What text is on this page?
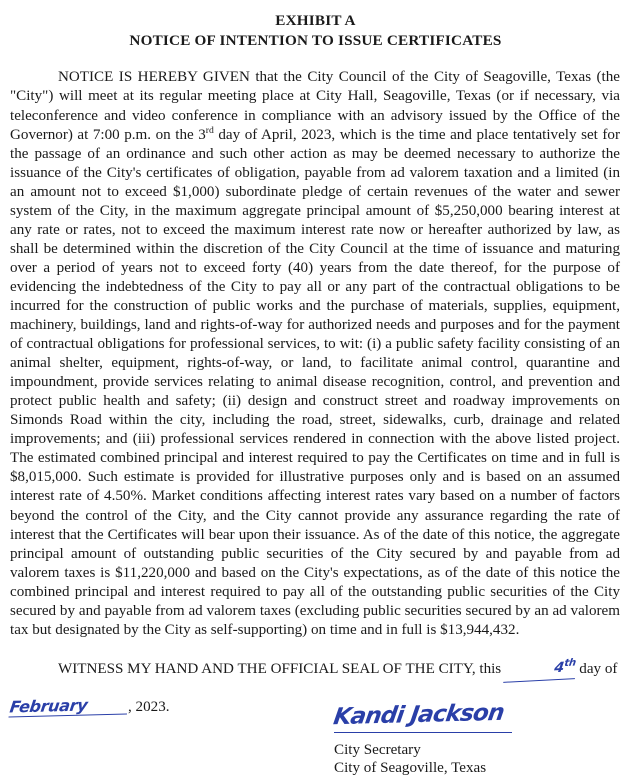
EXHIBIT A
NOTICE OF INTENTION TO ISSUE CERTIFICATES

NOTICE IS HEREBY GIVEN that the City Council of the City of Seagoville, Texas (the "City") will meet at its regular meeting place at City Hall, Seagoville, Texas (or if necessary, via teleconference and video conference in compliance with an advisory issued by the Office of the Governor) at 7:00 p.m. on the 3rd day of April, 2023, which is the time and place tentatively set for the passage of an ordinance and such other action as may be deemed necessary to authorize the issuance of the City's certificates of obligation, payable from ad valorem taxation and a limited (in an amount not to exceed $1,000) subordinate pledge of certain revenues of the water and sewer system of the City, in the maximum aggregate principal amount of $5,250,000 bearing interest at any rate or rates, not to exceed the maximum interest rate now or hereafter authorized by law, as shall be determined within the discretion of the City Council at the time of issuance and maturing over a period of years not to exceed forty (40) years from the date thereof, for the purpose of evidencing the indebtedness of the City to pay all or any part of the contractual obligations to be incurred for the construction of public works and the purchase of materials, supplies, equipment, machinery, buildings, land and rights-of-way for authorized needs and purposes and for the payment of contractual obligations for professional services, to wit: (i) a public safety facility consisting of an animal shelter, equipment, rights-of-way, or land, to facilitate animal control, quarantine and impoundment, provide services relating to animal disease recognition, control, and prevention and protect public health and safety; (ii) design and construct street and roadway improvements on Simonds Road within the city, including the road, street, sidewalks, curb, drainage and related improvements; and (iii) professional services rendered in connection with the above listed project. The estimated combined principal and interest required to pay the Certificates on time and in full is $8,015,000. Such estimate is provided for illustrative purposes only and is based on an assumed interest rate of 4.50%. Market conditions affecting interest rates vary based on a number of factors beyond the control of the City, and the City cannot provide any assurance regarding the rate of interest that the Certificates will bear upon their issuance. As of the date of this notice, the aggregate principal amount of outstanding public securities of the City secured by and payable from ad valorem taxes is $11,220,000 and based on the City's expectations, as of the date of this notice the combined principal and interest required to pay all of the outstanding public securities of the City secured by and payable from ad valorem taxes (excluding public securities secured by an ad valorem tax but designated by the City as self-supporting) on time and in full is $13,944,432.

WITNESS MY HAND AND THE OFFICIAL SEAL OF THE CITY, this	4th day of

February	, 2023.	Kandi Jackson
City Secretary
City of Seagoville, Texas
